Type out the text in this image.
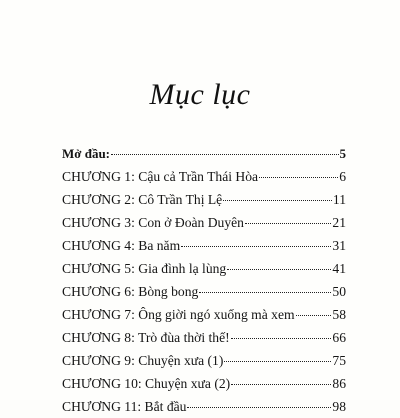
Mục lục
Mở đầu:	5
CHƯƠNG 1: Cậu cả Trần Thái Hòa	6
CHƯƠNG 2: Cô Trần Thị Lệ	11
CHƯƠNG 3: Con ở Đoàn Duyên	21
CHƯƠNG 4: Ba năm	31
CHƯƠNG 5: Gia đình lạ lùng	41
CHƯƠNG 6: Bòng bong	50
CHƯƠNG 7: Ông giời ngó xuống mà xem	58
CHƯƠNG 8: Trò đùa thời thế!	66
CHƯƠNG 9: Chuyện xưa (1)	75
CHƯƠNG 10: Chuyện xưa (2)	86
CHƯƠNG 11: Bắt đầu	98
